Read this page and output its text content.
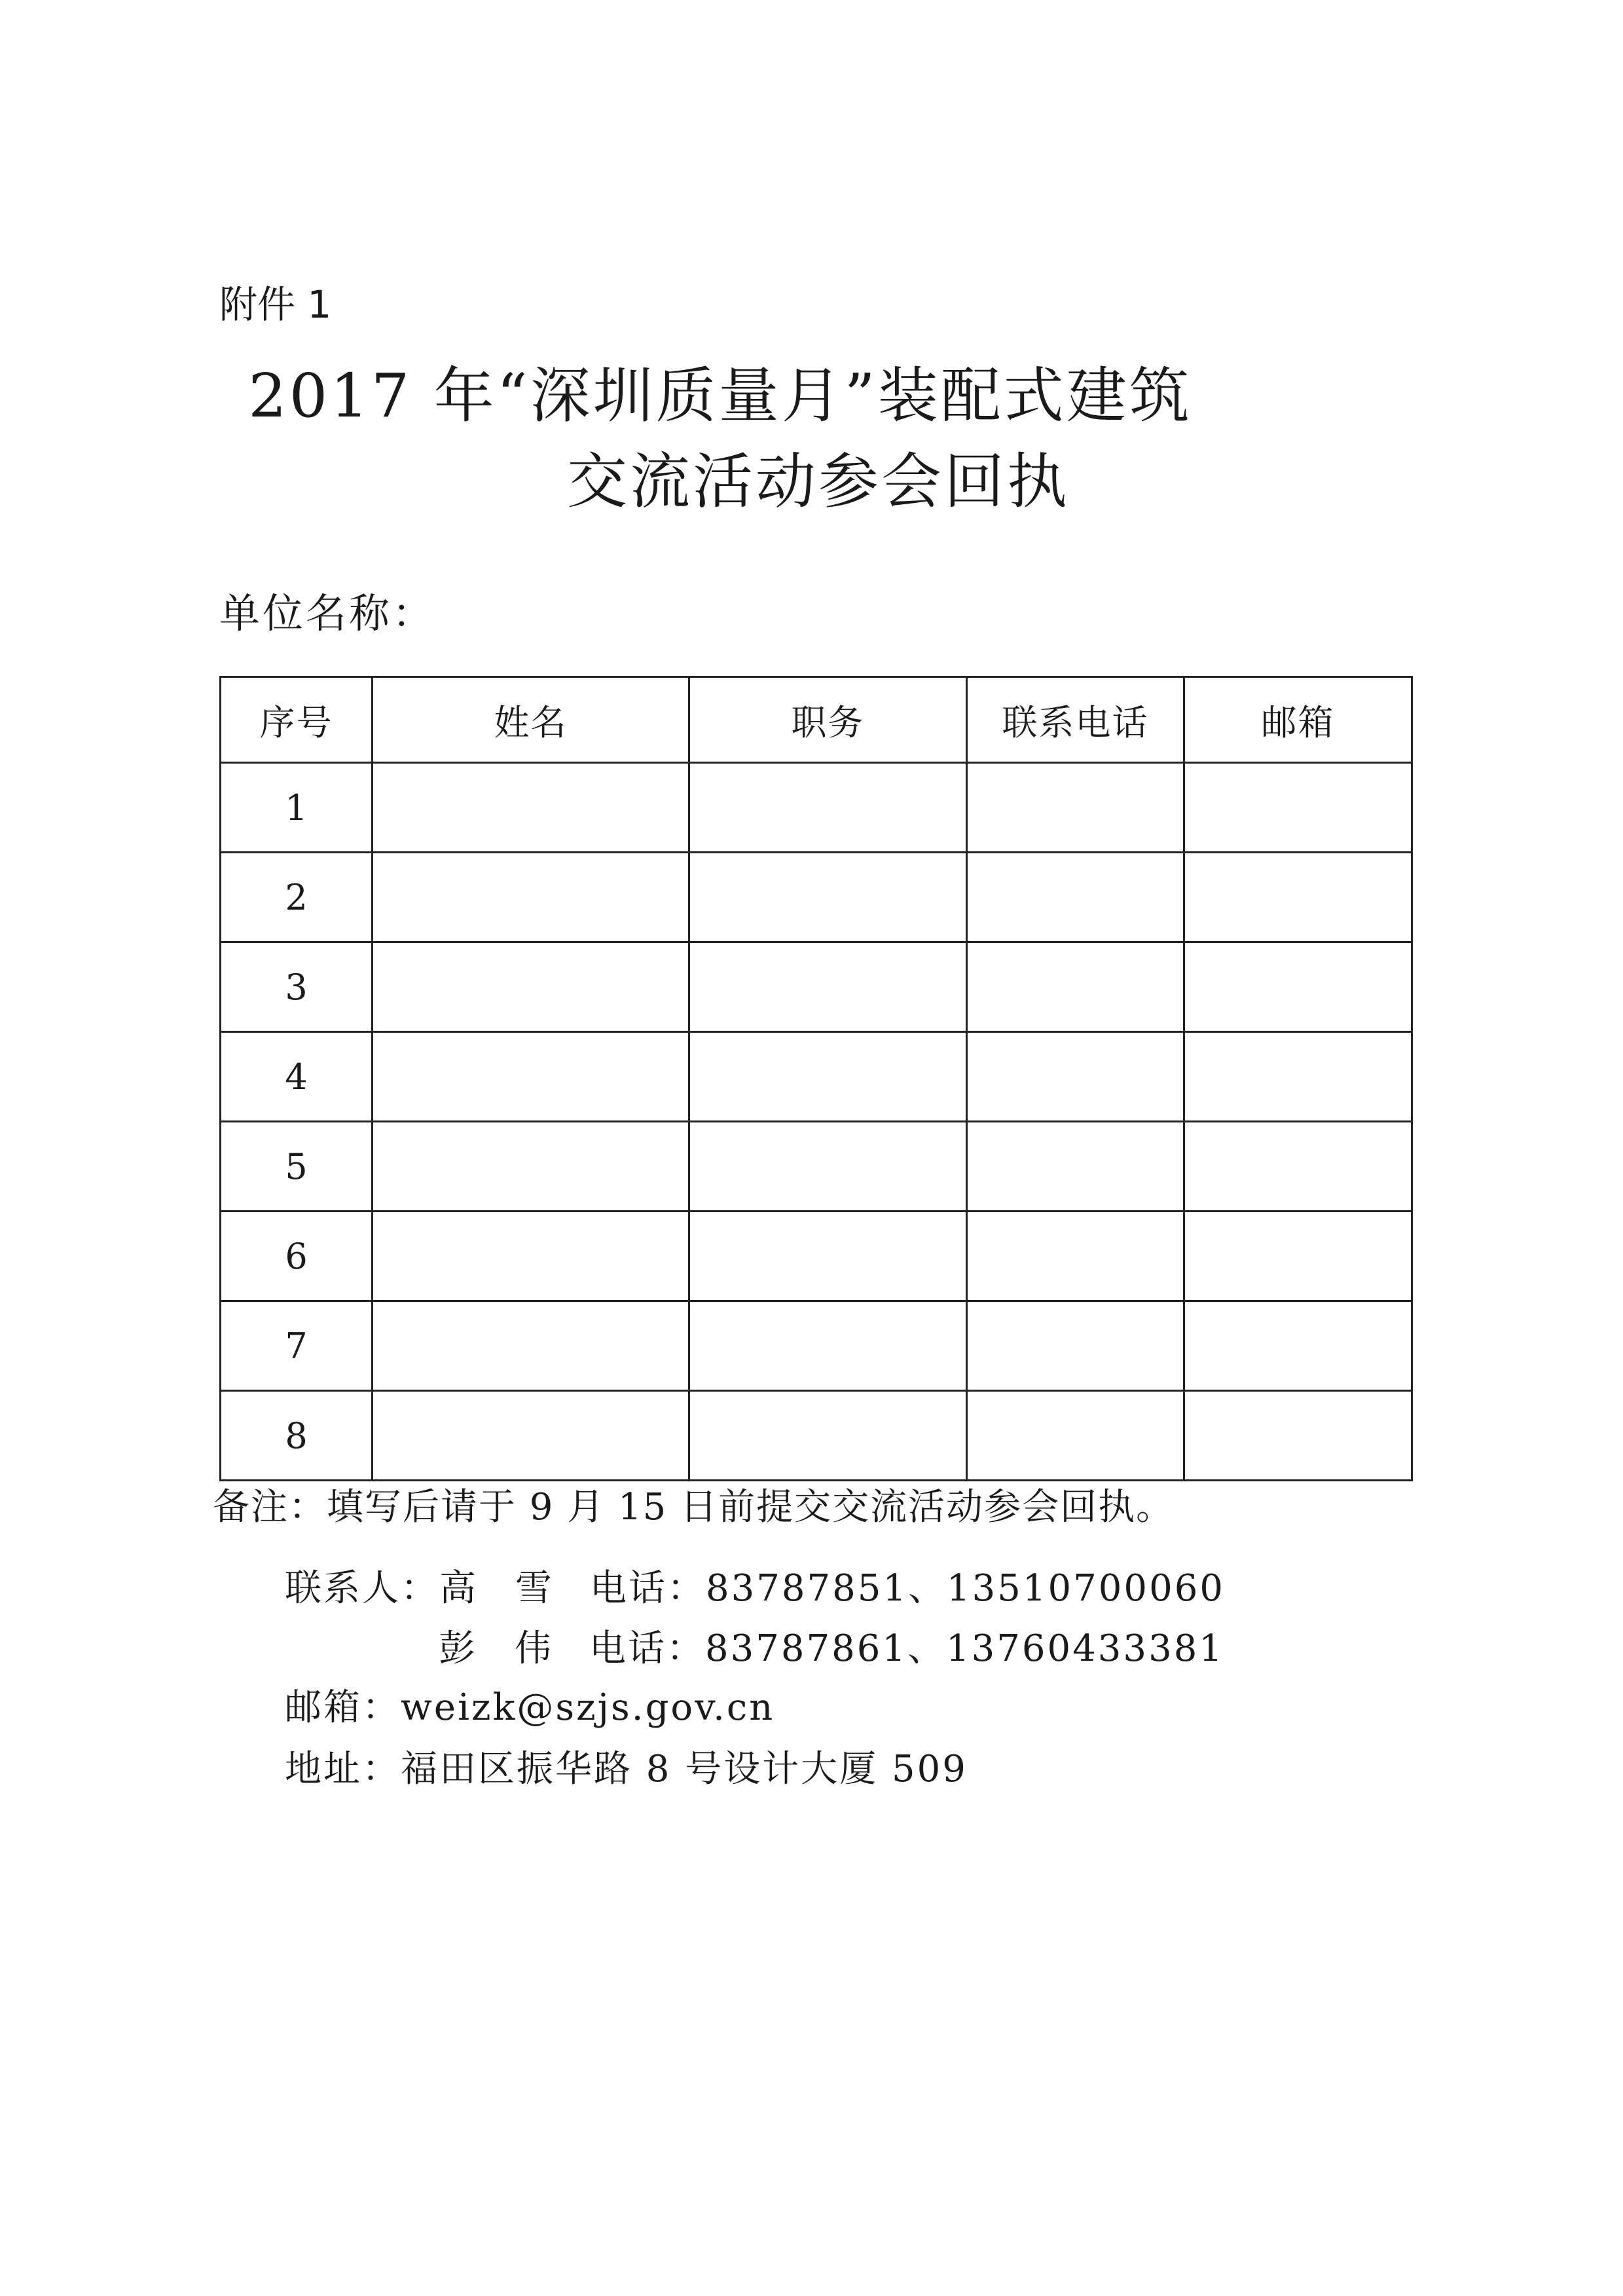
附件 1
2017 年“深圳质量月”装配式建筑
交流活动参会回执
单位名称：
序号	姓名	职务	联系电话	邮箱
1				
2				
3				
4				
5				
6				
7				
8				
备注：填写后请于 9 月 15 日前提交交流活动参会回执。
联系人：高雪电话：83787851、13510700060
彭伟电话：83787861、13760433381
邮箱：weizk@szjs.gov.cn
地址：福田区振华路 8 号设计大厦 509
